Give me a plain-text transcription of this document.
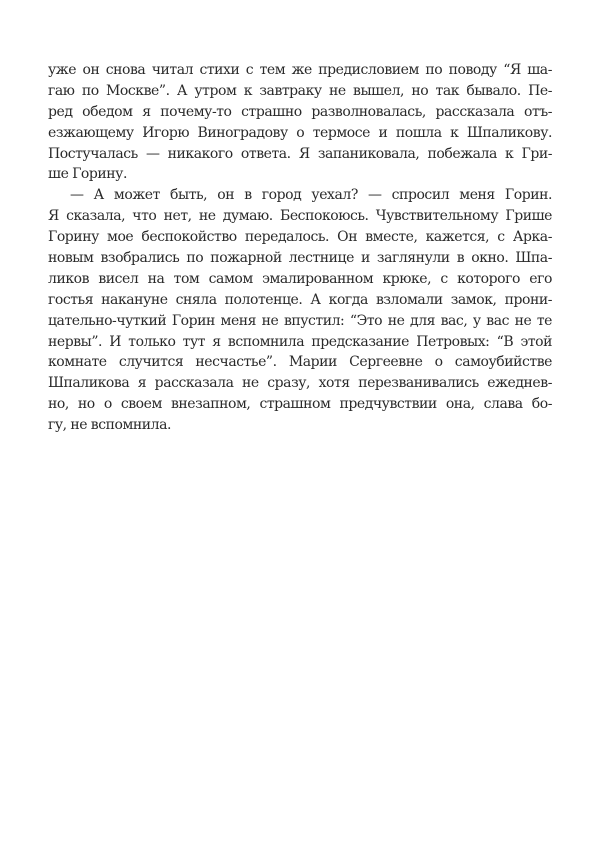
уже он снова читал стихи с тем же предисловием по поводу “Я ша-
гаю по Москве”. А утром к завтраку не вышел, но так бывало. Пе-
ред обедом я почему-то страшно разволновалась, рассказала отъ-
езжающему Игорю Виноградову о термосе и пошла к Шпаликову.
Постучалась — никакого ответа. Я запаниковала, побежала к Гри-
ше Горину.
— А может быть, он в город уехал? — спросил меня Горин.
Я сказала, что нет, не думаю. Беспокоюсь. Чувствительному Грише
Горину мое беспокойство передалось. Он вместе, кажется, с Арка-
новым взобрались по пожарной лестнице и заглянули в окно. Шпа-
ликов висел на том самом эмалированном крюке, с которого его
гостья накануне сняла полотенце. А когда взломали замок, прони-
цательно-чуткий Горин меня не впустил: “Это не для вас, у вас не те
нервы”. И только тут я вспомнила предсказание Петровых: “В этой
комнате случится несчастье”. Марии Сергеевне о самоубийстве
Шпаликова я рассказала не сразу, хотя перезванивались ежеднев-
но, но о своем внезапном, страшном предчувствии она, слава бо-
гу, не вспомнила.
